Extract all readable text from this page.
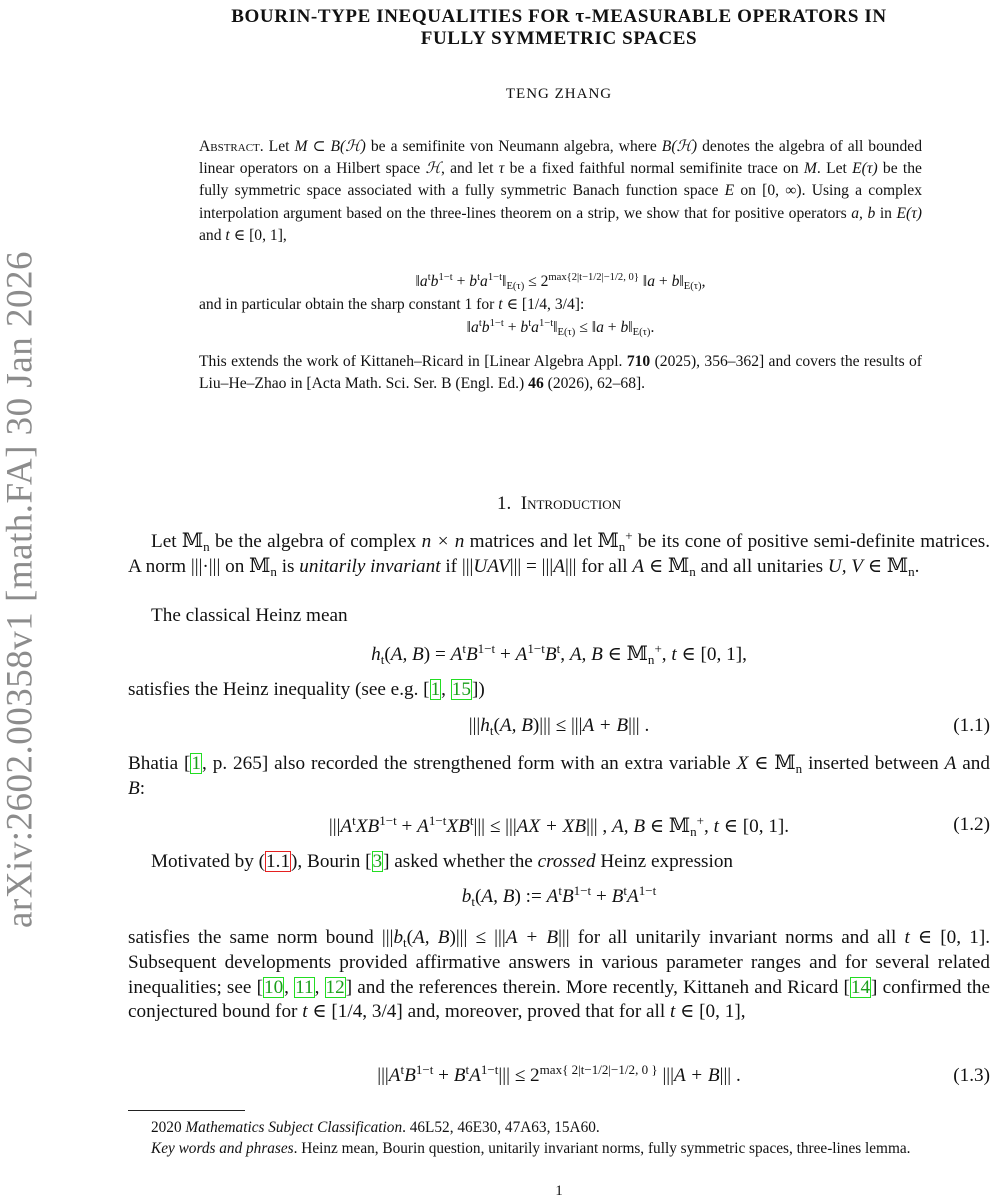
arXiv:2602.00358v1 [math.FA] 30 Jan 2026
BOURIN-TYPE INEQUALITIES FOR τ-MEASURABLE OPERATORS IN
FULLY SYMMETRIC SPACES
TENG ZHANG
Abstract. Let M ⊂ B(ℋ) be a semifinite von Neumann algebra, where B(ℋ) denotes the algebra of all bounded linear operators on a Hilbert space ℋ, and let τ be a fixed faithful normal semifinite trace on M. Let E(τ) be the fully symmetric space associated with a fully symmetric Banach function space E on [0, ∞). Using a complex interpolation argument based on the three-lines theorem on a strip, we show that for positive operators a, b in E(τ) and t ∈ [0, 1],
$‖a^tb^{1-t}$ + $b^ta^{1-t}‖_{E(\tau)} \le 2^{max\{2|t-1/2|-1/2, 0\}}$ ‖a + $b‖_{E(\tau)}$,
and in particular obtain the sharp constant 1 for t ∈ [1/4, 3/4]:
$‖a^tb^{1-t}$ + $b^ta^{1-t}‖_{E(\tau)}$ ≤ ‖a + $b‖_{E(\tau)}$.
This extends the work of Kittaneh–Ricard in [Linear Algebra Appl. 710 (2025), 356–362] and covers the results of Liu–He–Zhao in [Acta Math. Sci. Ser. B (Engl. Ed.) 46 (2026), 62–68].
1. Introduction
Let 𝕄$_n$ be the algebra of complex n × n matrices and let 𝕄$_n$+ be its cone of positive semi-definite matrices. A norm |||·||| on 𝕄$_n$ is unitarily invariant if |||UAV||| = |||A||| for all A ∈ 𝕄$_n$ and all unitaries U, V ∈ 𝕄$_n$.
The classical Heinz mean
$h_t(A$, $B) = A^tB^{1-t} + A^{1-t}B^t$, A, B ∈ 𝕄$_n$+, t ∈ [0, 1],
satisfies the Heinz inequality (see e.g. [1, 15])
$|||h_t(A$, B)||| ≤ |||A + B||| .	(1.1)
Bhatia [1, p. 265] also recorded the strengthened form with an extra variable X ∈ 𝕄$_n$ inserted between A and B:
$|||A^tXB^{1-t} + A^{1-t}XB^t||| \le |||AX + XB|||$ , A, B ∈ 𝕄$_n$+, t ∈ [0, 1].	(1.2)
Motivated by (1.1), Bourin [3] asked whether the crossed Heinz expression
$b_t(A$, B) := $A^tB^{1-t} + B^tA^{1-t}$
satisfies the same norm bound $|||b_t(A$, B)||| ≤ |||A + B||| for all unitarily invariant norms and all t ∈ [0, 1]. Subsequent developments provided affirmative answers in various parameter ranges and for several related inequalities; see [10, 11, 12] and the references therein. More recently, Kittaneh and Ricard [14] confirmed the conjectured bound for t ∈ [1/4, 3/4] and, moreover, proved that for all t ∈ [0, 1],
$|||A^tB^{1-t} + B^tA^{1-t}||| \le 2^{max\{ 2|t-1/2|-1/2, 0 \}}$ |||A + B||| .	(1.3)
2020 Mathematics Subject Classification. 46L52, 46E30, 47A63, 15A60.
Key words and phrases. Heinz mean, Bourin question, unitarily invariant norms, fully symmetric spaces, three-lines lemma.
1
